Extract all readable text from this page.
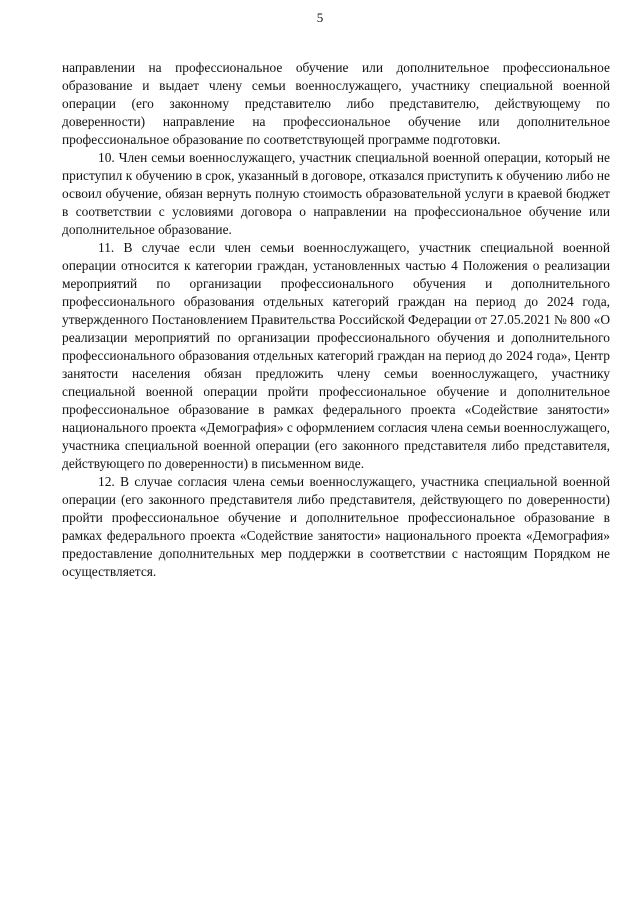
5

направлении на профессиональное обучение или дополнительное профессиональное образование и выдает члену семьи военнослужащего, участнику специальной военной операции (его законному представителю либо представителю, действующему по доверенности) направление на профессиональное обучение или дополнительное профессиональное образование по соответствующей программе подготовки.

10. Член семьи военнослужащего, участник специальной военной операции, который не приступил к обучению в срок, указанный в договоре, отказался приступить к обучению либо не освоил обучение, обязан вернуть полную стоимость образовательной услуги в краевой бюджет в соответствии с условиями договора о направлении на профессиональное обучение или дополнительное образование.

11. В случае если член семьи военнослужащего, участник специальной военной операции относится к категории граждан, установленных частью 4 Положения о реализации мероприятий по организации профессионального обучения и дополнительного профессионального образования отдельных категорий граждан на период до 2024 года, утвержденного Постановлением Правительства Российской Федерации от 27.05.2021 № 800 «О реализации мероприятий по организации профессионального обучения и дополнительного профессионального образования отдельных категорий граждан на период до 2024 года», Центр занятости населения обязан предложить члену семьи военнослужащего, участнику специальной военной операции пройти профессиональное обучение и дополнительное профессиональное образование в рамках федерального проекта «Содействие занятости» национального проекта «Демография» с оформлением согласия члена семьи военнослужащего, участника специальной военной операции (его законного представителя либо представителя, действующего по доверенности) в письменном виде.

12. В случае согласия члена семьи военнослужащего, участника специальной военной операции (его законного представителя либо представителя, действующего по доверенности) пройти профессиональное обучение и дополнительное профессиональное образование в рамках федерального проекта «Содействие занятости» национального проекта «Демография» предоставление дополнительных мер поддержки в соответствии с настоящим Порядком не осуществляется.
